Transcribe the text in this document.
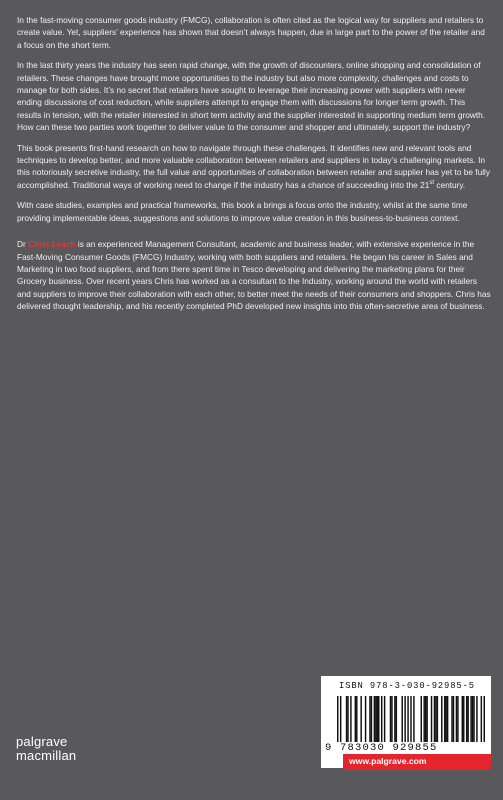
In the fast-moving consumer goods industry (FMCG), collaboration is often cited as the logical way for suppliers and retailers to create value. Yet, suppliers’ experience has shown that doesn’t always happen, due in large part to the power of the retailer and a focus on the short term.

In the last thirty years the industry has seen rapid change, with the growth of discounters, online shopping and consolidation of retailers. These changes have brought more opportunities to the industry but also more complexity, challenges and costs to manage for both sides. It’s no secret that retailers have sought to leverage their increasing power with suppliers with never ending discussions of cost reduction, while suppliers attempt to engage them with discussions for longer term growth. This results in tension, with the retailer interested in short term activity and the supplier interested in supporting medium term growth. How can these two parties work together to deliver value to the consumer and shopper and ultimately, support the industry?

This book presents first-hand research on how to navigate through these challenges. It identifies new and relevant tools and techniques to develop better, and more valuable collaboration between retailers and suppliers in today’s challenging markets. In this notoriously secretive industry, the full value and opportunities of collaboration between retailer and supplier has yet to be fully accomplished. Traditional ways of working need to change if the industry has a chance of succeeding into the 21st century.

With case studies, examples and practical frameworks, this book a brings a focus onto the industry, whilst at the same time providing implementable ideas, suggestions and solutions to improve value creation in this business-to-business context.

Dr Chris Leach is an experienced Management Consultant, academic and business leader, with extensive experience in the Fast-Moving Consumer Goods (FMCG) Industry, working with both suppliers and retailers. He began his career in Sales and Marketing in two food suppliers, and from there spent time in Tesco developing and delivering the marketing plans for their Grocery business. Over recent years Chris has worked as a consultant to the Industry, working around the world with retailers and suppliers to improve their collaboration with each other, to better meet the needs of their consumers and shoppers. Chris has delivered thought leadership, and his recently completed PhD developed new insights into this often-secretive area of business.

ISBN 978-3-030-92985-5
9 783030 929855
www.palgrave.com
palgrave
macmillan
